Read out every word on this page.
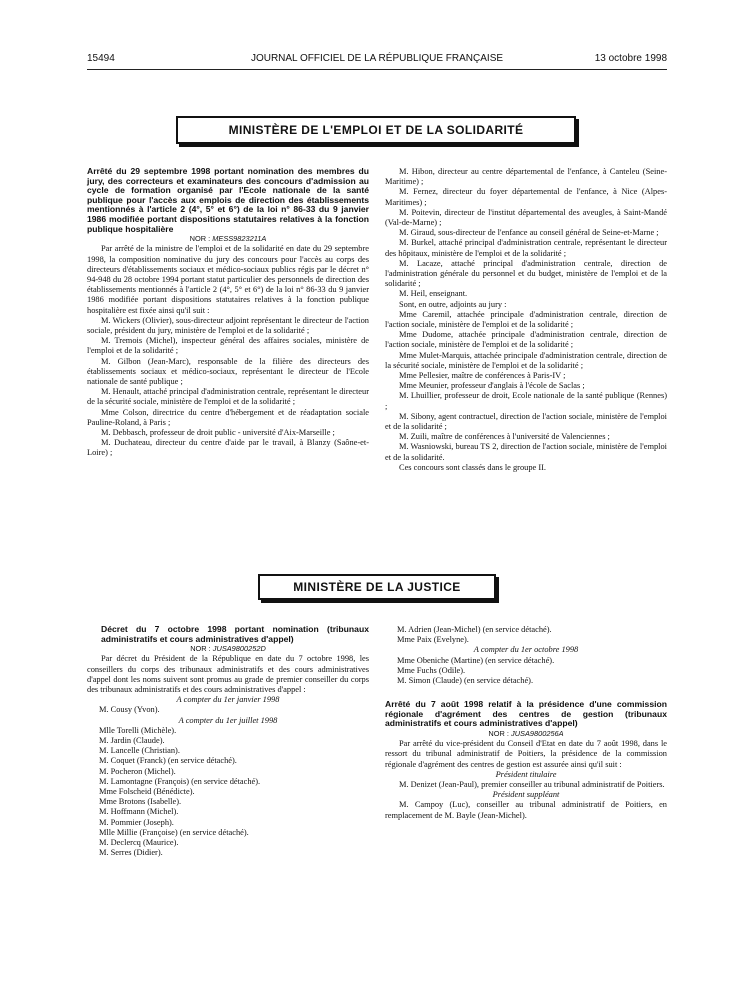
15494	JOURNAL OFFICIEL DE LA RÉPUBLIQUE FRANÇAISE	13 octobre 1998
MINISTÈRE DE L'EMPLOI ET DE LA SOLIDARITÉ

Arrêté du 29 septembre 1998 portant nomination des membres du jury, des correcteurs et examinateurs des concours d'admission au cycle de formation organisé par l'Ecole nationale de la santé publique pour l'accès aux emplois de direction des établissements mentionnés à l'article 2 (4°, 5° et 6°) de la loi n° 86-33 du 9 janvier 1986 modifiée portant dispositions statutaires relatives à la fonction publique hospitalière

NOR : MESS9823211A

Par arrêté de la ministre de l'emploi et de la solidarité en date du 29 septembre 1998, la composition nominative du jury des concours pour l'accès au corps des directeurs d'établissements sociaux et médico-sociaux publics régis par le décret n° 94-948 du 28 octobre 1994 portant statut particulier des personnels de direction des établissements mentionnés à l'article 2 (4°, 5° et 6°) de la loi n° 86-33 du 9 janvier 1986 modifiée portant dispositions statutaires relatives à la fonction publique hospitalière est fixée ainsi qu'il suit :

M. Wickers (Olivier), sous-directeur adjoint représentant le directeur de l'action sociale, président du jury, ministère de l'emploi et de la solidarité ;

M. Tremois (Michel), inspecteur général des affaires sociales, ministère de l'emploi et de la solidarité ;

M. Gilbon (Jean-Marc), responsable de la filière des directeurs des établissements sociaux et médico-sociaux, représentant le directeur de l'Ecole nationale de santé publique ;

M. Henault, attaché principal d'administration centrale, représentant le directeur de la sécurité sociale, ministère de l'emploi et de la solidarité ;

Mme Colson, directrice du centre d'hébergement et de réadaptation sociale Pauline-Roland, à Paris ;

M. Debbasch, professeur de droit public - université d'Aix-Marseille ;

M. Duchateau, directeur du centre d'aide par le travail, à Blanzy (Saône-et-Loire) ;

M. Hibon, directeur au centre départemental de l'enfance, à Canteleu (Seine-Maritime) ;

M. Fernez, directeur du foyer départemental de l'enfance, à Nice (Alpes-Maritimes) ;

M. Poitevin, directeur de l'institut départemental des aveugles, à Saint-Mandé (Val-de-Marne) ;

M. Giraud, sous-directeur de l'enfance au conseil général de Seine-et-Marne ;

M. Burkel, attaché principal d'administration centrale, représentant le directeur des hôpitaux, ministère de l'emploi et de la solidarité ;

M. Lacaze, attaché principal d'administration centrale, direction de l'administration générale du personnel et du budget, ministère de l'emploi et de la solidarité ;

M. Heil, enseignant.

Sont, en outre, adjoints au jury :

Mme Caremil, attachée principale d'administration centrale, direction de l'action sociale, ministère de l'emploi et de la solidarité ;

Mme Dudome, attachée principale d'administration centrale, direction de l'action sociale, ministère de l'emploi et de la solidarité ;

Mme Mulet-Marquis, attachée principale d'administration centrale, direction de la sécurité sociale, ministère de l'emploi et de la solidarité ;

Mme Pellesier, maître de conférences à Paris-IV ;

Mme Meunier, professeur d'anglais à l'école de Saclas ;

M. Lhuillier, professeur de droit, Ecole nationale de la santé publique (Rennes) ;

M. Sibony, agent contractuel, direction de l'action sociale, ministère de l'emploi et de la solidarité ;

M. Zuili, maître de conférences à l'université de Valenciennes ;

M. Wasniowski, bureau TS 2, direction de l'action sociale, ministère de l'emploi et de la solidarité.

Ces concours sont classés dans le groupe II.

MINISTÈRE DE LA JUSTICE

Décret du 7 octobre 1998 portant nomination (tribunaux administratifs et cours administratives d'appel)

NOR : JUSA9800252D

Par décret du Président de la République en date du 7 octobre 1998, les conseillers du corps des tribunaux administratifs et des cours administratives d'appel dont les noms suivent sont promus au grade de premier conseiller du corps des tribunaux administratifs et des cours administratives d'appel :

A compter du 1er janvier 1998

M. Cousy (Yvon).

A compter du 1er juillet 1998

Mlle Torelli (Michèle).

M. Jardin (Claude).

M. Lancelle (Christian).

M. Coquet (Franck) (en service détaché).

M. Pocheron (Michel).

M. Lamontagne (François) (en service détaché).

Mme Folscheid (Bénédicte).

Mme Brotons (Isabelle).

M. Hoffmann (Michel).

M. Pommier (Joseph).

Mlle Millie (Françoise) (en service détaché).

M. Declercq (Maurice).

M. Serres (Didier).

M. Adrien (Jean-Michel) (en service détaché).

Mme Paix (Evelyne).

A compter du 1er octobre 1998

Mme Obeniche (Martine) (en service détaché).

Mme Fuchs (Odile).

M. Simon (Claude) (en service détaché).

Arrêté du 7 août 1998 relatif à la présidence d'une commission régionale d'agrément des centres de gestion (tribunaux administratifs et cours administratives d'appel)

NOR : JUSA9800256A

Par arrêté du vice-président du Conseil d'Etat en date du 7 août 1998, dans le ressort du tribunal administratif de Poitiers, la présidence de la commission régionale d'agrément des centres de gestion est assurée ainsi qu'il suit :

Président titulaire

M. Denizet (Jean-Paul), premier conseiller au tribunal administratif de Poitiers.

Président suppléant

M. Campoy (Luc), conseiller au tribunal administratif de Poitiers, en remplacement de M. Bayle (Jean-Michel).
